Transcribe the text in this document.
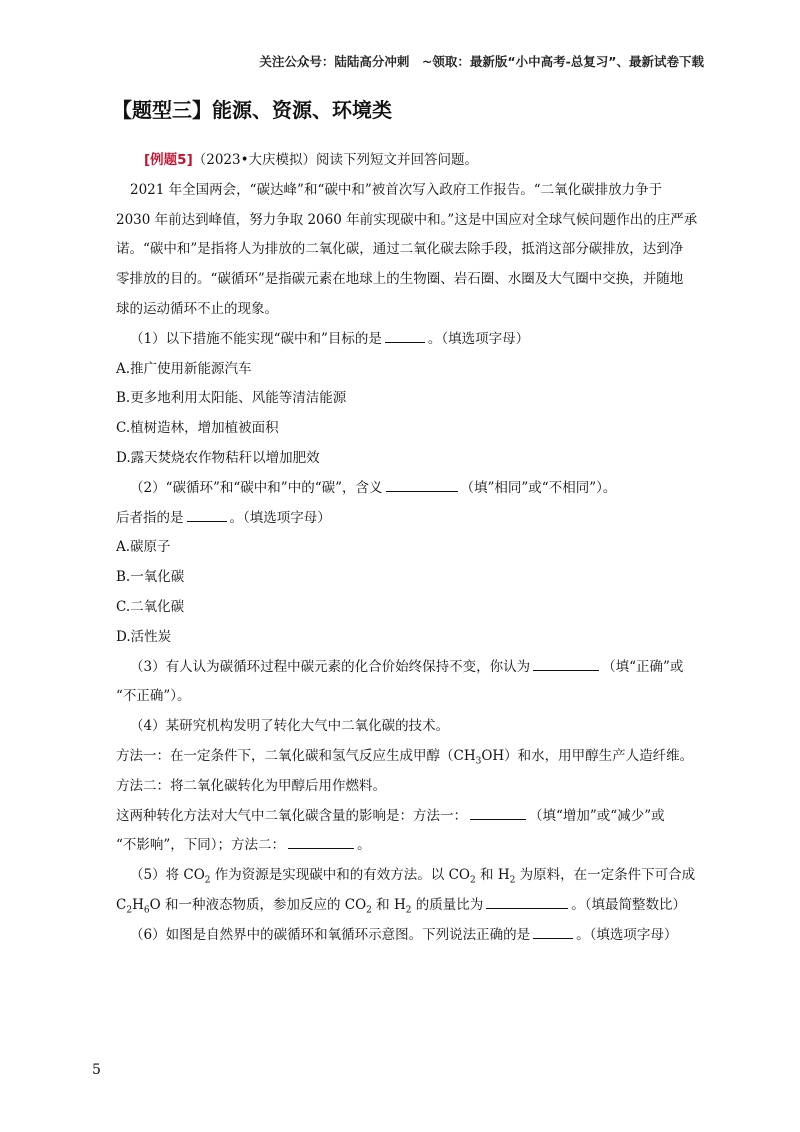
关注公众号：陆陆高分冲刺　~领取：最新版“小中高考-总复习”、最新试卷下载
【题型三】能源、资源、环境类
[例题5]（2023•大庆模拟）阅读下列短文并回答问题。
2021 年全国两会，“碳达峰”和“碳中和”被首次写入政府工作报告。“二氧化碳排放力争于
2030 年前达到峰值，努力争取 2060 年前实现碳中和。”这是中国应对全球气候问题作出的庄严承
诺。“碳中和”是指将人为排放的二氧化碳，通过二氧化碳去除手段，抵消这部分碳排放，达到净
零排放的目的。“碳循环”是指碳元素在地球上的生物圈、岩石圈、水圈及大气圈中交换，并随地
球的运动循环不止的现象。
（1）以下措施不能实现“碳中和”目标的是	。（填选项字母）
A.推广使用新能源汽车
B.更多地利用太阳能、风能等清洁能源
C.植树造林，增加植被面积
D.露天焚烧农作物秸秆以增加肥效
（2）“碳循环”和“碳中和”中的“碳”，含义	（填”相同”或“不相同”）。
后者指的是	。（填选项字母）
A.碳原子
B.一氧化碳
C.二氧化碳
D.活性炭
（3）有人认为碳循环过程中碳元素的化合价始终保持不变，你认为	（填“正确”或
“不正确”）。
（4）某研究机构发明了转化大气中二氧化碳的技术。
方法一：在一定条件下，二氧化碳和氢气反应生成甲醇$(CH_3OH)$和水，用甲醇生产人造纤维。
方法二：将二氧化碳转化为甲醇后用作燃料。
这两种转化方法对大气中二氧化碳含量的影响是：方法一：	（填“增加”或“减少”或
“不影响”，下同）；方法二：	。
（5）将 $CO_2$ 作为资源是实现碳中和的有效方法。以 $CO_2$ 和 $H_2$ 为原料，在一定条件下可合成
$C_2H_6O$ 和一种液态物质，参加反应的 $CO_2$ 和 $H_2$ 的质量比为	。（填最简整数比）
（6）如图是自然界中的碳循环和氧循环示意图。下列说法正确的是	。（填选项字母）
5
